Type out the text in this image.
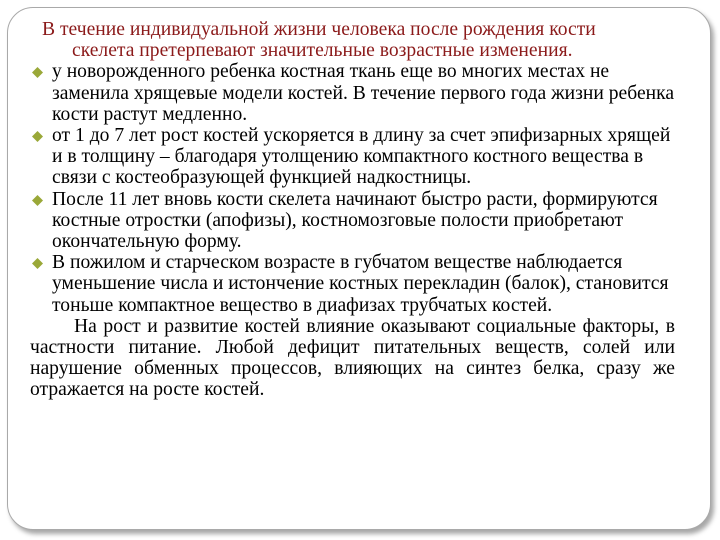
В течение индивидуальной жизни человека после рождения кости
скелета претерпевают значительные возрастные изменения.

у новорожденного ребенка костная ткань еще во многих местах не заменила хрящевые модели костей. В течение первого года жизни ребенка кости растут медленно.

от 1 до 7 лет рост костей ускоряется в длину за счет эпифизарных хрящей и в толщину – благодаря утолщению компактного костного вещества в связи с костеобразующей функцией надкостницы.

После 11 лет вновь кости скелета начинают быстро расти, формируются костные отростки (апофизы), костномозговые полости приобретают окончательную форму.

В пожилом и старческом возрасте в губчатом веществе наблюдается уменьшение числа и истончение костных перекладин (балок), становится тоньше компактное вещество в диафизах трубчатых костей.

На рост и развитие костей влияние оказывают социальные факторы, в частности питание. Любой дефицит питательных веществ, солей или нарушение обменных процессов, влияющих на синтез белка, сразу же отражается на росте костей.
